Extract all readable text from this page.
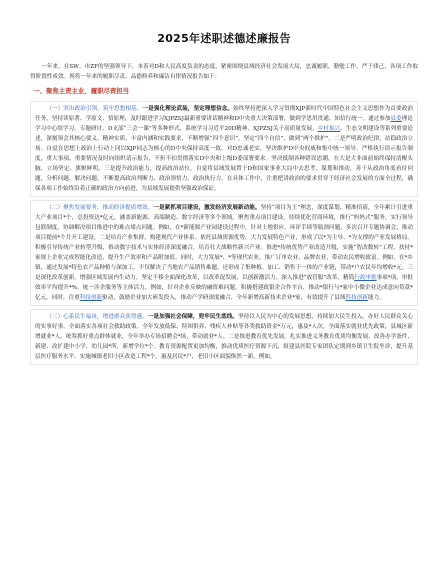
2025年述职述德述廉报告

一年来，在SW、市ZF的坚强领导下，本着对D和人民高度负责的态度，紧密围绕县域经济社会发展大局，忠诚履职，勤勉工作，严于律己，各项工作取得阶段性成效。现将一年来的履职尽责、品德修养和廉洁自律情况报告如下：

一、聚焦主责主业，履职尽责担当

（一）突出政治引领，筑牢思想根基。一是强化理论武装，坚定理想信念。始终坚持把深入学习贯彻XJP新时代中国特色社会主义思想作为首要政治任务，坚持读原著、学原文、悟原理，及时跟进学习XJPZSJ最新重要讲话精神和D中央重大决策部署，做到学思用贯通、知信行统一。通过参加县委理论学习中心组学习、专题研讨、D支部“三会一课”等多种形式，系统学习习近平20D精神、XJPZSJ关于高质量发展、乡村振兴、生态文明建设等系列重要论述，深刻领会其核心要义、精神实质、丰富内涵和实践要求，不断增强“四个意识”，坚定“四个自信”，做到“两个维护”。二是严明政治纪律，站稳政治立场。自觉在思想上政治上行动上同以XJP同志为核心的D中央保持高度一致，对D忠诚老实，坚决维护D中央权威和集中统一领导。严格执行请示报告制度，重大事项、重要情况及时向组织请示报告，不折不扣贯彻落实D中央和上级D委部署要求。坚决抵制各种错误思潮，在大是大非面前始终保持清醒头脑，立场坚定、旗帜鲜明。三是提升政治能力，提高政治站位。自觉将县域发展置于D和国家事业大局中去思考、谋划和推动，善于从政治角度看待问题、分析问题、解决问题，不断提高政治判断力、政治领悟力、政治执行力。在具体工作中，注重把讲政治的要求贯穿于经济社会发展的方面全过程，确保各项工作始终沿着正确的政治方向前进，为县域发展提供坚强政治保证。

（二）聚焦发展要务，推动经济提质增效。一是紧抓项目建设，激发经济发展新动能。坚持“项目为王”理念，深度谋划、精准招商，全年累计引进重大产业项目*个，总投资达*亿元，涵盖新能源、高端制造、数字经济等多个领域。聚焦重点项目建设，持续优化营商环境，推行“妈妈式”服务，实行领导包联制度，协调解决项目推进中的难点堵点问题。例如，在*新能源产业园建设过程中，针对土地供应、环评手续等瓶颈问题，多次召开专题协调会，推动项目提前*个月开工建设。二是培育产业集群，构建现代产业体系。依托县域资源优势，大力发展特色产业，形成了以*为主导、*为支撑的产业发展格局。积极引导传统产业转型升级，推动数字技术与实体经济深度融合，培育壮大战略性新兴产业。推进*传统优势产业改造升级，实施“智改数转”工程，扶持*家规上企业完成智能化改造，提升生产效率和产品附加值。同时，大力发展*、*等现代农业，推广订单农业、品牌农业，带动农民增收致富。例如，在*乡镇，通过发展*特色农产品种植与深加工，不仅解决了当地农产品销售难题，还形成了集种植、加工、销售于一体的产业链，带动*户农民年均增收*元。三是深化改革创新，增强区域发展内生动力。坚定不移全面深化改革，以改革促发展，以创新激活力。深入推进“放管服”改革，精简行政审批事项*项，审批效率平均提升*%。统一涉企服务等主体活力，例如，针对企业反映的融资难问题，积极搭建政银企合作平台，推动*银行与*家中小微企业达成意向贷款*亿元。同时，注重科技创新驱动，鼓励企业加大研发投入，推动产学研深度融合，全年新增高新技术企业*家，有效提升了县域科技创新能力。

（三）心系民生福祉，增进群众获得感。一是加强社会保障，兜牢民生底线。坚持以人民为中心的发展思想，持续加大民生投入，办好人民群众关心的实事好事。全面落实各项社会救助政策，全年发放低保、特困供养、残疾人补贴等各类救助资金*万元，惠及*人次。全面落实就业优先政策，县城区新增就业*人，统筹抓好重点群体就业，全年举办专场招聘会*场，带动就业*人。二是推进教育优先发展。扎实推进义务教育优质均衡发展，改善办学条件，新建、改扩建中小学、幼儿园*所，新增学位*个。教育资源配置更加均衡，推动优质医疗资源下沉，组建县医院专家团队定期到乡镇卫生院坐诊，提升基层医疗服务水平。实施城镇老旧小区改造工程*个，惠及居民*户，老旧小区面貌焕然一新。例如，
